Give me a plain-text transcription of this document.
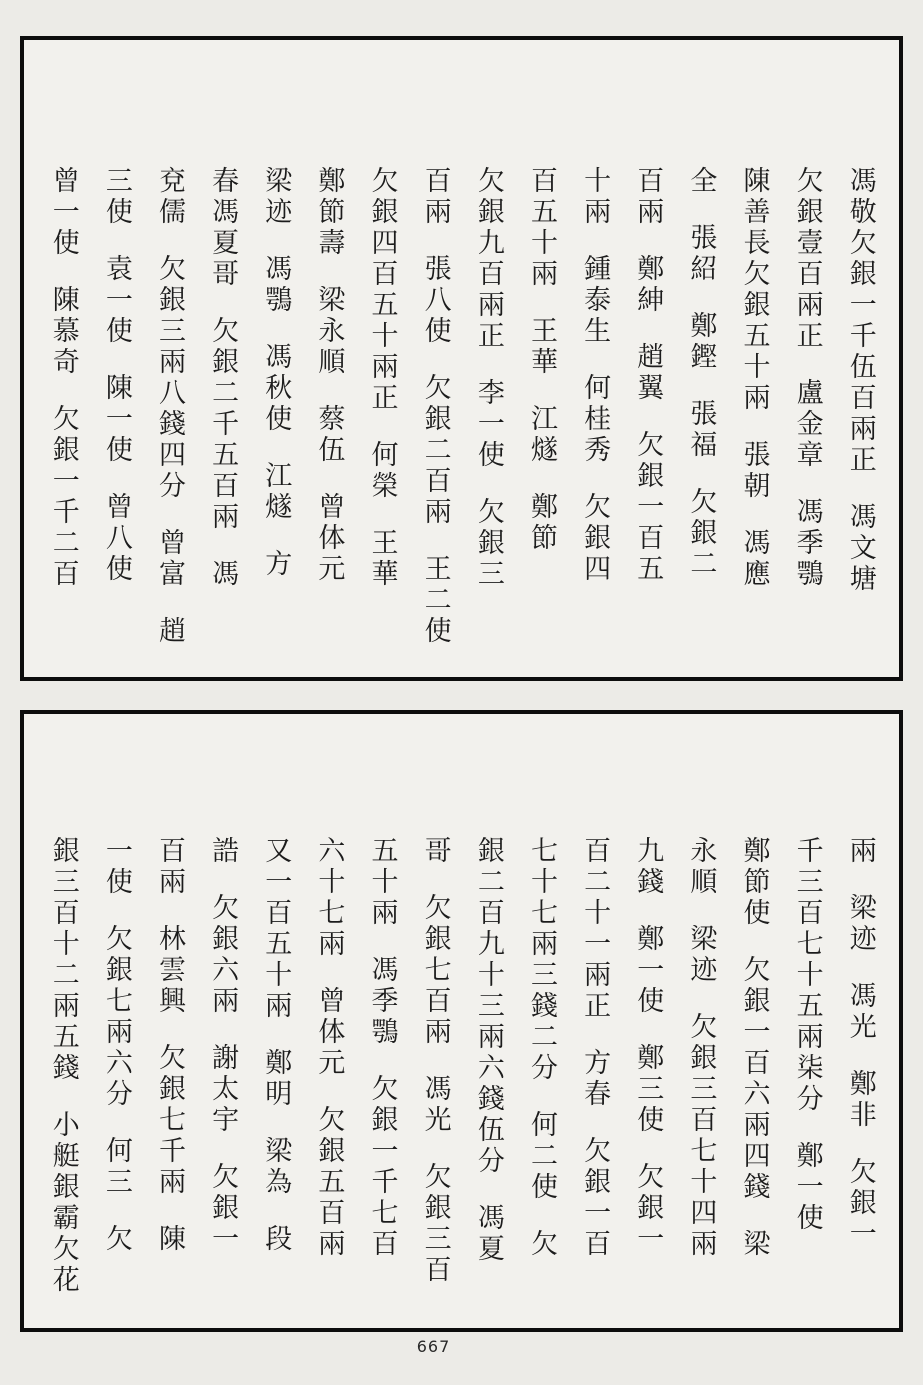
馮敬欠銀一千伍百兩正馮文塘
欠銀壹百兩正盧金章馮季鶚
陳善長欠銀五十兩張朝馮應
全張紹鄭鏗張福欠銀二
百兩鄭紳趙翼欠銀一百五
十兩鍾泰生何桂秀欠銀四
百五十兩王華江燧鄭節
欠銀九百兩正李一使欠銀三
百兩張八使欠銀二百兩王二使
欠銀四百五十兩正何榮王華
鄭節壽梁永順蔡伍曾体元
梁迹馮鶚馮秋使江燧方
春馮夏哥欠銀二千五百兩馮
兗儒欠銀三兩八錢四分曾富趙
三使袁一使陳一使曾八使
曾一使陳慕奇欠銀一千二百
兩梁迹馮光鄭非欠銀一
千三百七十五兩柒分鄭一使
鄭節使欠銀一百六兩四錢梁
永順梁迹欠銀三百七十四兩
九錢鄭一使鄭三使欠銀一
百二十一兩正方春欠銀一百
七十七兩三錢二分何二使欠
銀二百九十三兩六錢伍分馮夏
哥欠銀七百兩馮光欠銀三百
五十兩馮季鶚欠銀一千七百
六十七兩曾体元欠銀五百兩
又一百五十兩鄭明梁為段
誥欠銀六兩謝太宇欠銀一
百兩林雲興欠銀七千兩陳
一使欠銀七兩六分何三欠
銀三百十二兩五錢小艇銀霸欠花
667
